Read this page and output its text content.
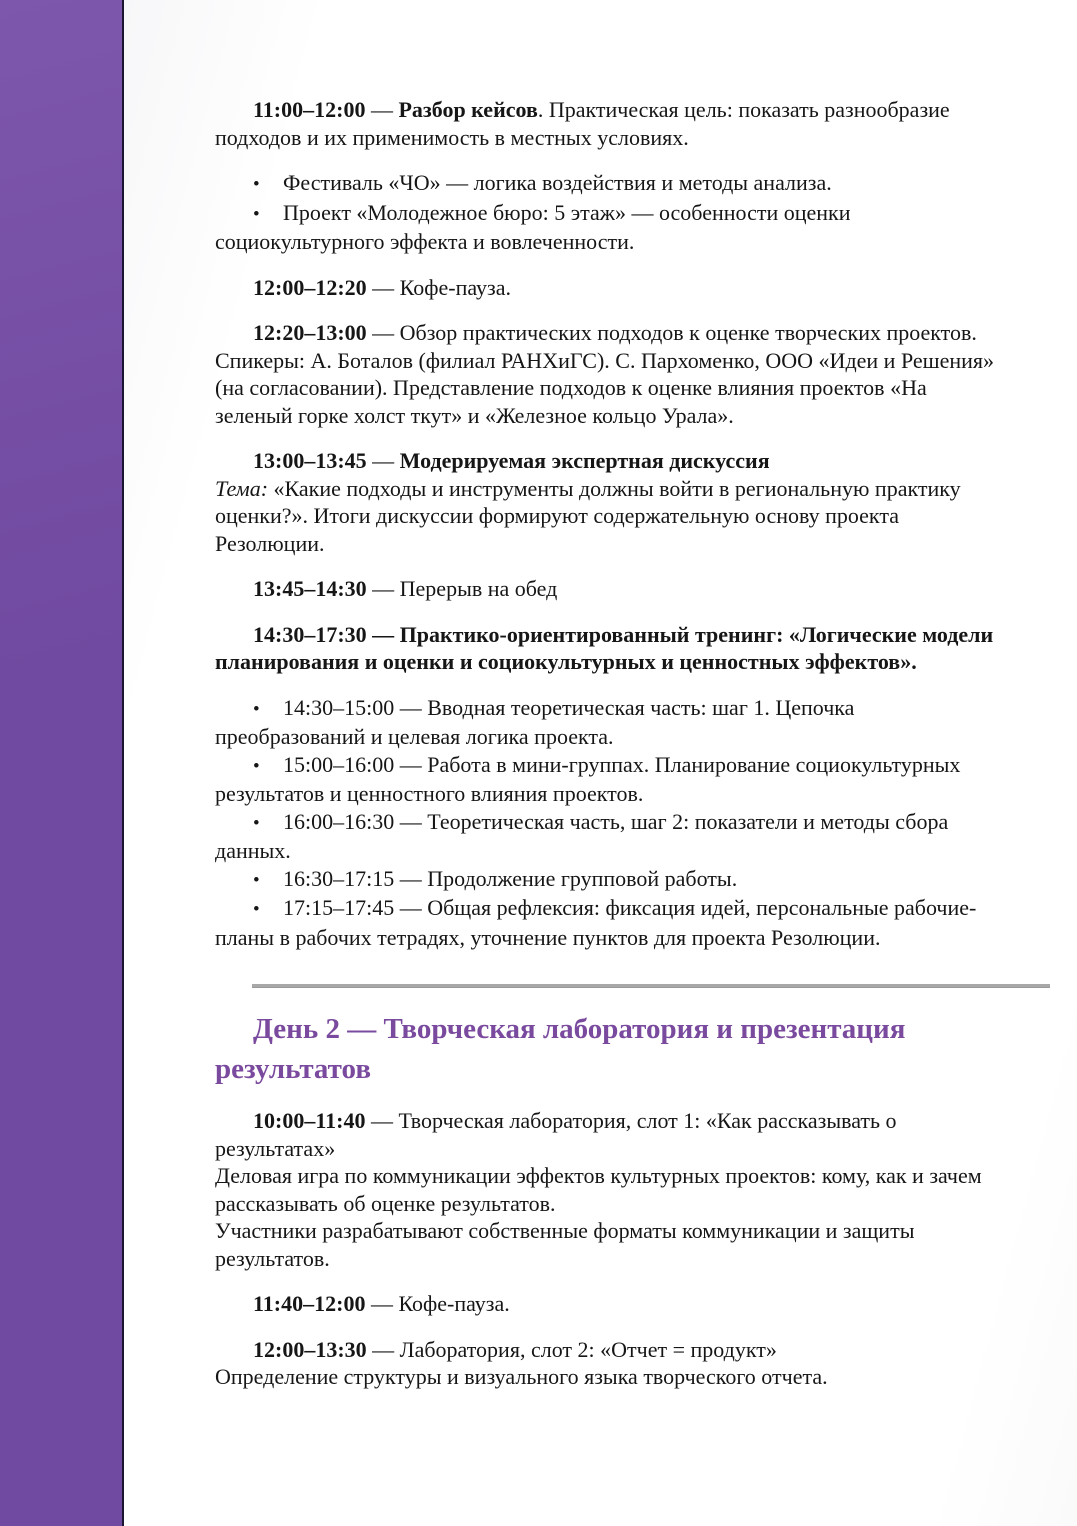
11:00–12:00 — Разбор кейсов. Практическая цель: показать разнообразие подходов и их применимость в местных условиях.

• Фестиваль «ЧО» — логика воздействия и методы анализа.

• Проект «Молодежное бюро: 5 этаж» — особенности оценки социокультурного эффекта и вовлеченности.

12:00–12:20 — Кофе-пауза.

12:20–13:00 — Обзор практических подходов к оценке творческих проектов. Спикеры: А. Боталов (филиал РАНХиГС). С. Пархоменко, ООО «Идеи и Решения» (на согласовании). Представление подходов к оценке влияния проектов «На зеленый горке холст ткут» и «Железное кольцо Урала».

13:00–13:45 — Модерируемая экспертная дискуссия

Тема: «Какие подходы и инструменты должны войти в региональную практику оценки?». Итоги дискуссии формируют содержательную основу проекта Резолюции.

13:45–14:30 — Перерыв на обед

14:30–17:30 — Практико-ориентированный тренинг: «Логические модели планирования и оценки и социокультурных и ценностных эффектов».

• 14:30–15:00 — Вводная теоретическая часть: шаг 1. Цепочка преобразований и целевая логика проекта.

• 15:00–16:00 — Работа в мини-группах. Планирование социокультурных результатов и ценностного влияния проектов.

• 16:00–16:30 — Теоретическая часть, шаг 2: показатели и методы сбора данных.

• 16:30–17:15 — Продолжение групповой работы.

• 17:15–17:45 — Общая рефлексия: фиксация идей, персональные рабочие-планы в рабочих тетрадях, уточнение пунктов для проекта Резолюции.

День 2 — Творческая лаборатория и презентация результатов

10:00–11:40 — Творческая лаборатория, слот 1: «Как рассказывать о результатах»

Деловая игра по коммуникации эффектов культурных проектов: кому, как и зачем рассказывать об оценке результатов.

Участники разрабатывают собственные форматы коммуникации и защиты результатов.

11:40–12:00 — Кофе-пауза.

12:00–13:30 — Лаборатория, слот 2: «Отчет = продукт»

Определение структуры и визуального языка творческого отчета.
